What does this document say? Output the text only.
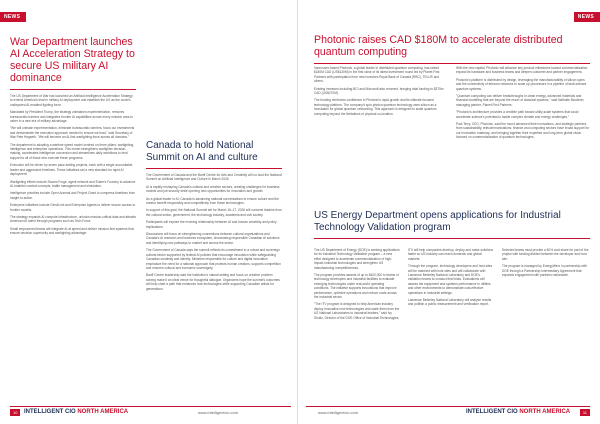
NEWS
War Department launches AI Acceleration Strategy to secure US military AI dominance

The US Department of War has launched an Artificial Intelligence Acceleration Strategy to extend America's lead in military AI deployment and establish the US as the world's undisputed AI-enabled fighting force.

Mandated by President Trump, the strategy unleashes experimentation, removes bureaucratic barriers and integrates frontier AI capabilities across every mission area to usher in a new era of military advantage.

"We will unleash experimentation, eliminate bureaucratic barriers, focus our investments and demonstrate the execution approach needed to ensure we lead," said Secretary of War Pete Hegseth. "We will become an AI-first warfighting force across all domains."

The department is adopting a wartime speed model centred on three pillars: warfighting, intelligence and enterprise operations. This model strengthens warfighter decision-making, accelerates intelligence conversion and streamlines daily workflows to lend support to all of those who execute these programs.

Execution will be driven by seven pace-setting projects, each with a single accountable leader and aggressive timelines. These initiatives set a new standard for rapid AI deployment:

Warfighting efforts include Swarm Forge, agent network and Ender's Foundry to advance AI-enabled combat concepts, battle management and simulation.

Intelligence priorities include Open Arsenal and Project Grant to compress timelines from insight to action.

Enterprise initiatives include GenAI.mil and Enterprise Agents to deliver secure access to frontier models.

The strategy expands AI compute infrastructure, unlocks mission-critical data and attracts American AI talent through programs such as Tech Force.

Small empowered teams will integrate AI at speed and deliver mission-first systems that ensure decision superiority and warfighting advantage.

Canada to hold National Summit on AI and culture

The Government of Canada and the Banff Centre for Arts and Creativity will co-host the National Summit on Artificial Intelligence and Culture in March 2026.

AI is rapidly reshaping Canada's cultural and creative sectors, creating challenges for business models and job security while opening new opportunities for innovation and growth.

As a global leader in AI, Canada is advancing national conversations to ensure culture and the creator benefit responsibly and competitively from these technologies.

In support of this goal, the National Summit set for March 16–17, 2026 will convene leaders from the cultural sector, government, the technology industry, academia and civil society.

Participants will explore the evolving relationship between AI and human creativity and policy implications.

Discussions will focus on strengthening connections between cultural organizations and Canada's AI research and business ecosystem, showcasing responsible Canadian AI solutions and identifying new pathways to market and across the sector.

The Government of Canada says the summit reflects its commitment to a robust and sovereign cultural sector supported by federal AI policies that encourage innovation while safeguarding Canadian creativity and identity. Ministers responsible for culture and digital innovation emphasize the need for a national approach that protects human creators, supports competition and ensures cultural and economic sovereignty.

Banff Centre leadership said the institution's natural setting and focus on creative problem solving make it an ideal venue for thoughtful dialogue. Organizers hope the summit's outcomes will help chart a path that enhances how technologies while supporting Canadian artists for generations.

10	INTELLIGENT CIO NORTH AMERICA	www.intelligentcio.com
NEWS
Photonic raises CAD $180M to accelerate distributed quantum computing

Vancouver-based Photonic, a global leader in distributed quantum computing, has raised $180M CAD (US$130M) in the first close of its latest investment round led by Planet First Partners with participation from new investors Royal Bank of Canada (RBC), TELUS and others.

Existing investors including BCI and Microsoft also returned, bringing total funding to $375m CAD (US$270M).

The funding reinforces confidence in Photonic's rapid growth and its ultimate focused technology platform. The company's spin-photon quantum technology uses silicon as a foundation for global quantum networking. This approach is designed to scale quantum computing beyond the limitations of physical co-location.

With the new capital, Photonic will advance key product milestones toward commercialization, expand its hardware and business teams and deepen customer and partner engagement.

Photonic's platform is distributed by design, leveraging the manufacturability of silicon spins and the connectivity of telecom networks to scale up processors in a pipeline of fault-tolerant quantum systems.

"Quantum computing can deliver breakthroughs in clean energy, advanced materials and financial modelling that are beyond the reach of classical systems," said Nathalie Moulinier, managing partner, Planet First Partners.

"Photonic's architecture provides a credible path toward utility-scale systems that could accelerate science's potential to tackle complex climate and energy challenges."

Paul Terry, CEO, Photonic, said the round advanced their innovations, and strategic partners from sustainability, telecommunications, finance and computing sectors have broad support for our innovation roadmap, and bringing together their expertise and long-term global vision focused on commercialization of quantum technologies.

US Energy Department opens applications for Industrial Technology Validation program

The US Department of Energy (DOE) is seeking applications for its Industrial Technology Validation program – a new effort designed to accelerate commercialization of high-impact industrial technologies and strengthen US manufacturing competitiveness.

The program provides awards of up to $400,000 to teams of technology developers and industrial facilities to evaluate emerging technologies under real-world operating conditions. The initiative supports innovations that improve performance, optimize operations and reduce costs across the industrial sector.

"The ITV program is designed to help American industry deploy innovative new technologies and scale them from the US National Laboratories to industrial leaders," said Ivy Shultz, Director of the DOE Office of Industrial Technologies.

ITV will help companies develop, deploy and make solutions faster so US industry can reach domestic and global markets.

Through the program, technology developers and host sites will be matched with host sites and will collaborate with Lawrence Berkeley National Laboratory and DOE's validation teams to conduct field trials. Evaluations will assess the equipment and systems performance in utilities and other environments to demonstrate cost-effective operations in industrial settings.

Lawrence Berkeley National Laboratory will analyse results and publish a public measurement and verification report.

Selected teams must provide a 50% cost share for part of the project with funding divided between the developer and host site.

The program is managed by EnergyWerx in partnership with DOE through a Partnership Intermediary Agreement that expands engagement with partners nationwide.

www.intelligentcio.com	INTELLIGENT CIO NORTH AMERICA	11
